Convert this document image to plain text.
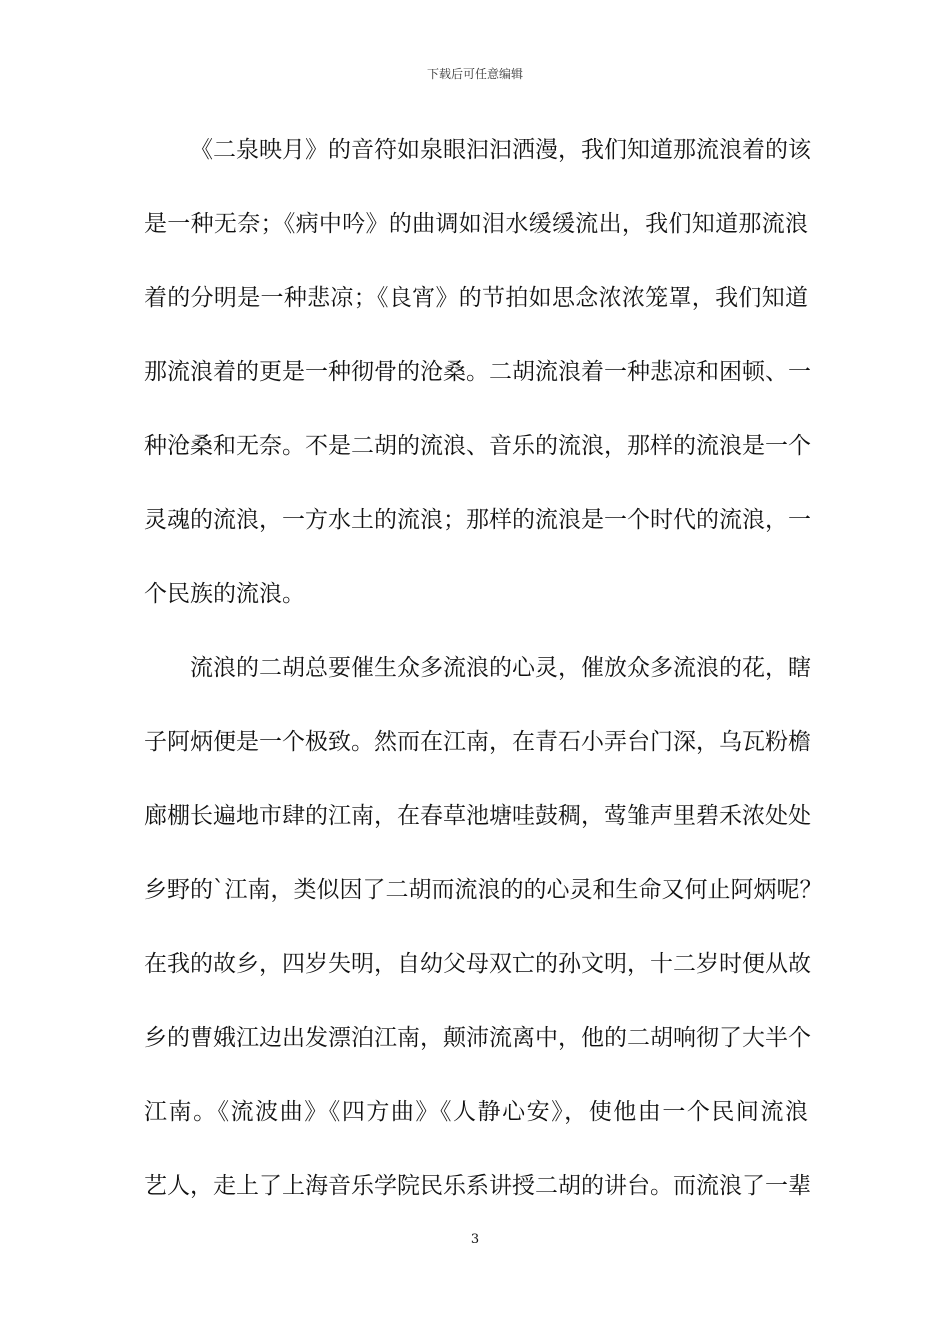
下载后可任意编辑
《二泉映月》的音符如泉眼汩汩洒漫，我们知道那流浪着的该
是一种无奈；《病中吟》的曲调如泪水缓缓流出，我们知道那流浪
着的分明是一种悲凉；《良宵》的节拍如思念浓浓笼罩，我们知道
那流浪着的更是一种彻骨的沧桑。二胡流浪着一种悲凉和困顿、一
种沧桑和无奈。不是二胡的流浪、音乐的流浪，那样的流浪是一个
灵魂的流浪，一方水土的流浪；那样的流浪是一个时代的流浪，一
个民族的流浪。
流浪的二胡总要催生众多流浪的心灵，催放众多流浪的花，瞎
子阿炳便是一个极致。然而在江南，在青石小弄台门深，乌瓦粉檐
廊棚长遍地市肆的江南，在春草池塘哇鼓稠，莺雏声里碧禾浓处处
乡野的`江南，类似因了二胡而流浪的的心灵和生命又何止阿炳呢？
在我的故乡，四岁失明，自幼父母双亡的孙文明，十二岁时便从故
乡的曹娥江边出发漂泊江南，颠沛流离中，他的二胡响彻了大半个
江南。《流波曲》《四方曲》《人静心安》，使他由一个民间流浪
艺人，走上了上海音乐学院民乐系讲授二胡的讲台。而流浪了一辈
3
